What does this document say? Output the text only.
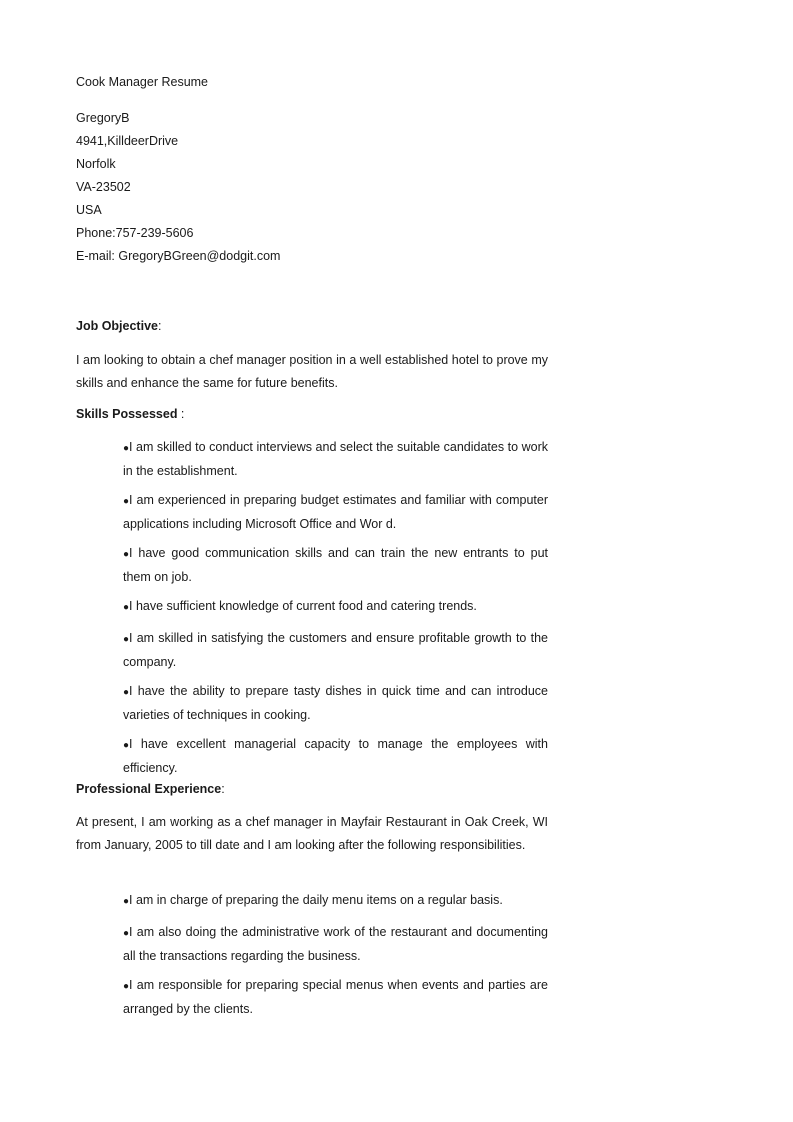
Cook Manager Resume
GregoryB
4941,KilldeerDrive
Norfolk
VA-23502
USA
Phone:757-239-5606
E-mail: GregoryBGreen@dodgit.com
Job Objective:
I am looking to obtain a chef manager position in a well established hotel to prove my skills and enhance the same for future benefits.
Skills Possessed :
●I am skilled to conduct interviews and select the suitable candidates to work in the establishment.
●I am experienced in preparing budget estimates and familiar with computer applications including Microsoft Office and Wor d.
●I have good communication skills and can train the new entrants to put them on job.
●I have sufficient knowledge of current food and catering trends.
●I am skilled in satisfying the customers and ensure profitable growth to the company.
●I have the ability to prepare tasty dishes in quick time and can introduce varieties of techniques in cooking.
●I have excellent managerial capacity to manage the employees with efficiency.
Professional Experience:
At present, I am working as a chef manager in Mayfair Restaurant in Oak Creek, WI from January, 2005 to till date and I am looking after the following responsibilities.
●I am in charge of preparing the daily menu items on a regular basis.
●I am also doing the administrative work of the restaurant and documenting all the transactions regarding the business.
●I am responsible for preparing special menus when events and parties are arranged by the clients.
